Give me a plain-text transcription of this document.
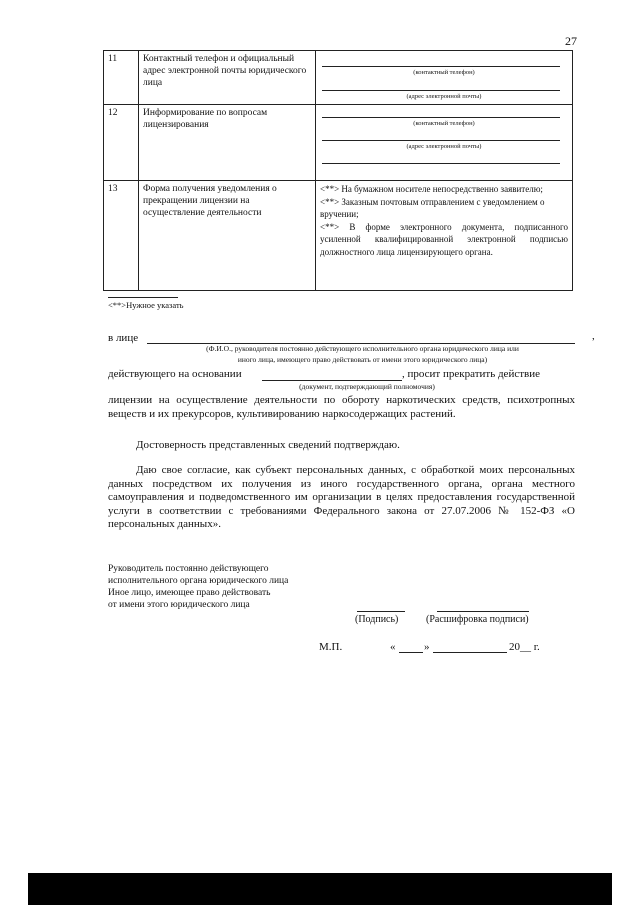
27
11	Контактный телефон и официальный адрес электронной почты юридического лица	(контактный телефон)
(адрес электронной почты)

12	Информирование по вопросам лицензирования	(контактный телефон)
(адрес электронной почты)

13	Форма получения уведомления о прекращении лицензии на осуществление деятельности	<**> На бумажном носителе непосредственно заявителю;
<**> Заказным почтовым отправлением с уведомлением о вручении;
<**> В форме электронного документа, подписанного усиленной квалифицированной электронной подписью должностного лица лицензирующего органа.
<**>Нужное указать
в лице	,
(Ф.И.О., руководителя постоянно действующего исполнительного органа юридического лица или
иного лица, имеющего право действовать от имени этого юридического лица)
действующего на основании	, просит прекратить действие
(документ, подтверждающий полномочия)
лицензии на осуществление деятельности по обороту наркотических средств, психотропных веществ и их прекурсоров, культивированию наркосодержащих растений.
Достоверность представленных сведений подтверждаю.
Даю свое согласие, как субъект персональных данных, с обработкой моих персональных данных посредством их получения из иного государственного органа, органа местного самоуправления и подведомственного им организации в целях предоставления государственной услуги в соответствии с требованиями Федерального закона от 27.07.2006 № 152-ФЗ «О персональных данных».
Руководитель постоянно действующего
исполнительного органа юридического лица
Иное лицо, имеющее право действовать
от имени этого юридического лица
(Подпись)	(Расшифровка подписи)
М.П.	«	»	20__ г.
